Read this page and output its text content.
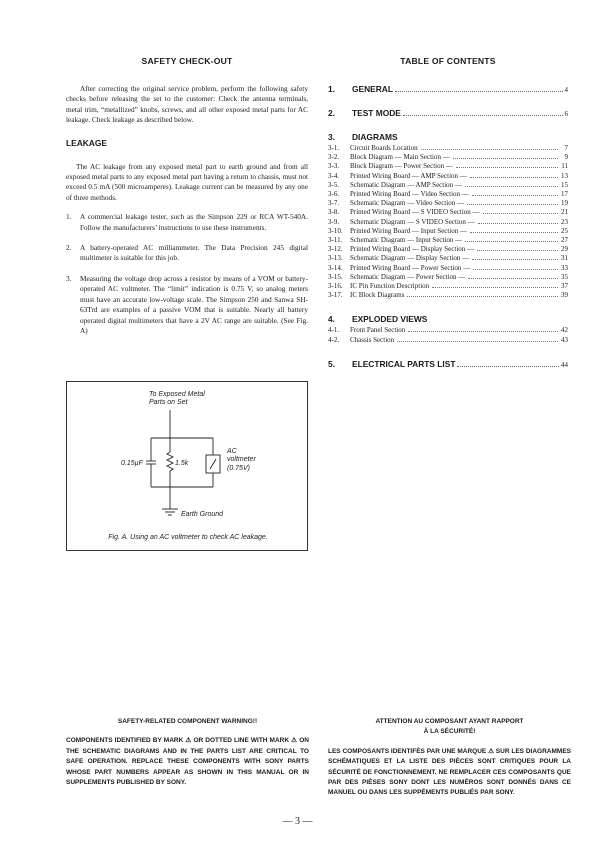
SAFETY CHECK-OUT

After correcting the original service problem, perform the following safety checks before releasing the set to the customer: Check the antenna terminals, metal trim, “metallized” knobs, screws, and all other exposed metal parts for AC leakage. Check leakage as described below.

LEAKAGE

The AC leakage from any exposed metal part to earth ground and from all exposed metal parts to any exposed metal part having a return to chassis, must not exceed 0.5 mA (500 microamperes). Leakage current can be measured by any one of three methods.

1.	A commercial leakage tester, such as the Simpson 229 or RCA WT-540A. Follow the manufacturers’ instructions to use these instruments.
2.	A battery-operated AC milliammeter. The Data Precision 245 digital multimeter is suitable for this job.
3.	Measuring the voltage drop across a resistor by means of a VOM or battery-operated AC voltmeter. The “limit” indication is 0.75 V, so analog meters must have an accurate low-voltage scale. The Simpson 250 and Sanwa SH-63Trd are examples of a passive VOM that is suitable. Nearly all battery operated digital multimeters that have a 2V AC range are suitable. (See Fig. A)
To Exposed Metal
Parts on Set
0.15µF	1.5k
AC
voltmeter
(0.75V)
Earth Ground
Fig. A. Using an AC voltmeter to check AC leakage.
TABLE OF CONTENTS
1.	GENERAL	4
2.	TEST MODE	6
3.	DIAGRAMS
3-1.	Circuit Boards Location	7
3-2.	Block Diagram — Main Section —	9
3-3.	Block Diagram — Power Section —	11
3-4.	Printed Wiring Board — AMP Section —	13
3-5.	Schematic Diagram — AMP Section —	15
3-6.	Printed Wiring Board — Video Section —	17
3-7.	Schematic Diagram — Video Section —	19
3-8.	Printed Wiring Board — S VIDEO Section —	21
3-9.	Schematic Diagram — S VIDEO Section —	23
3-10.	Printed Wiring Board — Input Section —	25
3-11.	Schematic Diagram — Input Section —	27
3-12.	Printed Wiring Board — Display Section —	29
3-13.	Schematic Diagram — Display Section —	31
3-14.	Printed Wiring Board — Power Section —	33
3-15.	Schematic Diagram — Power Section —	35
3-16.	IC Pin Function Description	37
3-17.	IC Block Diagrams	39
4.	EXPLODED VIEWS
4-1.	Front Panel Section	42
4-2.	Chassis Section	43
5.	ELECTRICAL PARTS LIST	44
SAFETY-RELATED COMPONENT WARNING!!
COMPONENTS IDENTIFIED BY MARK ⚠ OR DOTTED LINE WITH MARK ⚠ ON THE SCHEMATIC DIAGRAMS AND IN THE PARTS LIST ARE CRITICAL TO SAFE OPERATION. REPLACE THESE COMPONENTS WITH SONY PARTS WHOSE PART NUMBERS APPEAR AS SHOWN IN THIS MANUAL OR IN SUPPLEMENTS PUBLISHED BY SONY.
ATTENTION AU COMPOSANT AYANT RAPPORT
À LA SÉCURITÉ!
LES COMPOSANTS IDENTIFÉS PAR UNE MARQUE ⚠ SUR LES DIAGRAMMES SCHÉMATIQUES ET LA LISTE DES PIÈCES SONT CRITIQUES POUR LA SÉCURITÉ DE FONCTIONNEMENT. NE REMPLACER CES COMPOSANTS QUE PAR DES PIÈSES SONY DONT LES NUMÉROS SONT DONNÉS DANS CE MANUEL OU DANS LES SUPPÉMENTS PUBLIÉS PAR SONY.
— 3 —
